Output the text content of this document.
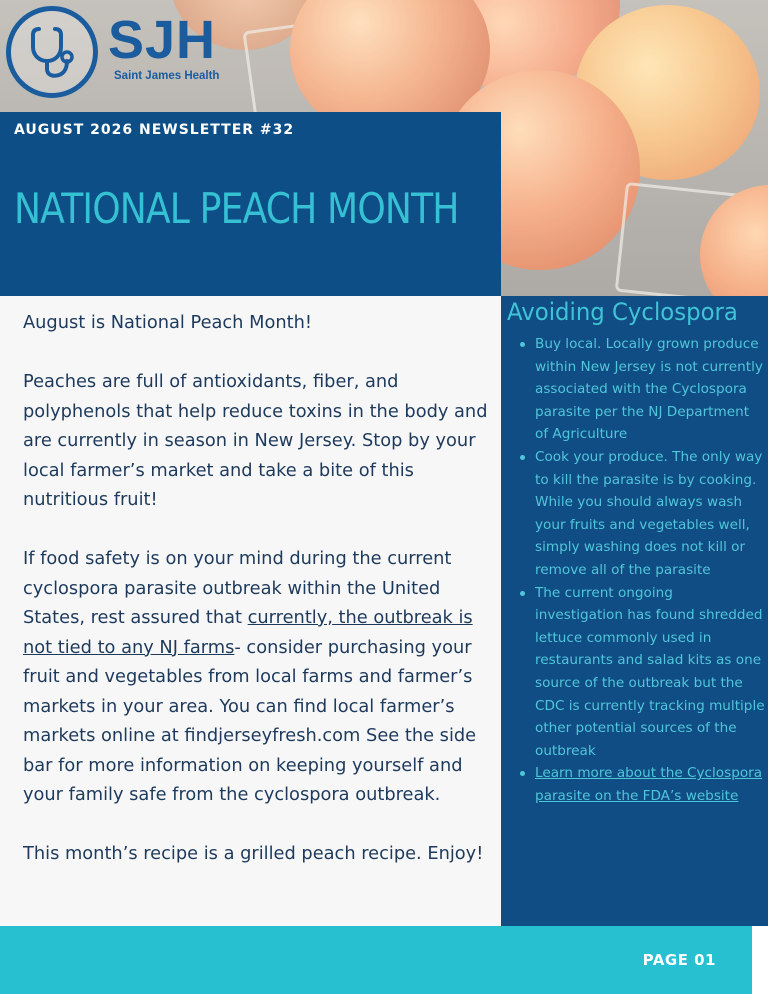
SJH
Saint James Health
AUGUST 2026 NEWSLETTER #32
NATIONAL PEACH MONTH

August is National Peach Month!

Peaches are full of antioxidants, fiber, and polyphenols that help reduce toxins in the body and are currently in season in New Jersey. Stop by your local farmer’s market and take a bite of this nutritious fruit!

If food safety is on your mind during the current cyclospora parasite outbreak within the United States, rest assured that currently, the outbreak is not tied to any NJ farms- consider purchasing your fruit and vegetables from local farms and farmer’s markets in your area. You can find local farmer’s markets online at findjerseyfresh.com See the side bar for more information on keeping yourself and your family safe from the cyclospora outbreak.

This month’s recipe is a grilled peach recipe. Enjoy!

Avoiding Cyclospora
Buy local. Locally grown produce within New Jersey is not currently associated with the Cyclospora parasite per the NJ Department of Agriculture
Cook your produce. The only way to kill the parasite is by cooking. While you should always wash your fruits and vegetables well, simply washing does not kill or remove all of the parasite
The current ongoing investigation has found shredded lettuce commonly used in restaurants and salad kits as one source of the outbreak but the CDC is currently tracking multiple other potential sources of the outbreak
Learn more about the Cyclospora parasite on the FDA’s website
PAGE 01
